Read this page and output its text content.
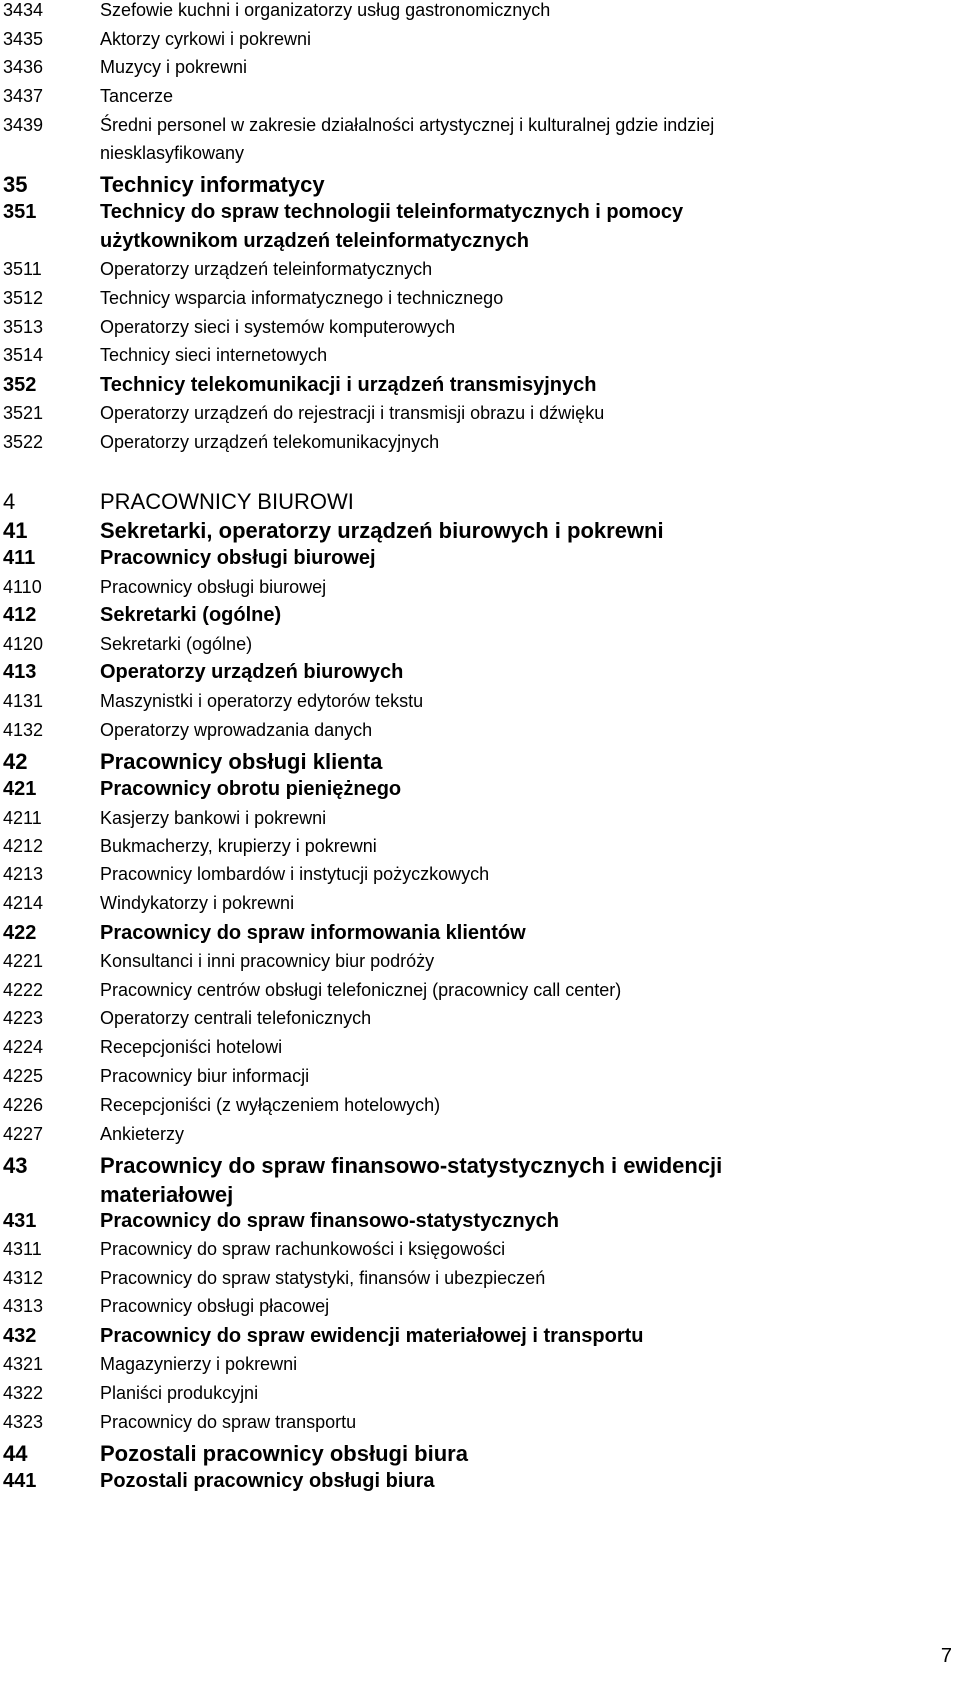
3434	Szefowie kuchni i organizatorzy usług gastronomicznych
3435	Aktorzy cyrkowi i pokrewni
3436	Muzycy i pokrewni
3437	Tancerze
3439	Średni personel w zakresie działalności artystycznej i kulturalnej gdzie indziej
niesklasyfikowany
35	Technicy informatycy
351	Technicy do spraw technologii teleinformatycznych i pomocy
użytkownikom urządzeń teleinformatycznych
3511	Operatorzy urządzeń teleinformatycznych
3512	Technicy wsparcia informatycznego i technicznego
3513	Operatorzy sieci i systemów komputerowych
3514	Technicy sieci internetowych
352	Technicy telekomunikacji i urządzeń transmisyjnych
3521	Operatorzy urządzeń do rejestracji i transmisji obrazu i dźwięku
3522	Operatorzy urządzeń telekomunikacyjnych
4	PRACOWNICY BIUROWI
41	Sekretarki, operatorzy urządzeń biurowych i pokrewni
411	Pracownicy obsługi biurowej
4110	Pracownicy obsługi biurowej
412	Sekretarki (ogólne)
4120	Sekretarki (ogólne)
413	Operatorzy urządzeń biurowych
4131	Maszynistki i operatorzy edytorów tekstu
4132	Operatorzy wprowadzania danych
42	Pracownicy obsługi klienta
421	Pracownicy obrotu pieniężnego
4211	Kasjerzy bankowi i pokrewni
4212	Bukmacherzy, krupierzy i pokrewni
4213	Pracownicy lombardów i instytucji pożyczkowych
4214	Windykatorzy i pokrewni
422	Pracownicy do spraw informowania klientów
4221	Konsultanci i inni pracownicy biur podróży
4222	Pracownicy centrów obsługi telefonicznej (pracownicy call center)
4223	Operatorzy centrali telefonicznych
4224	Recepcjoniści hotelowi
4225	Pracownicy biur informacji
4226	Recepcjoniści (z wyłączeniem hotelowych)
4227	Ankieterzy
43	Pracownicy do spraw finansowo-statystycznych i ewidencji
materiałowej
431	Pracownicy do spraw finansowo-statystycznych
4311	Pracownicy do spraw rachunkowości i księgowości
4312	Pracownicy do spraw statystyki, finansów i ubezpieczeń
4313	Pracownicy obsługi płacowej
432	Pracownicy do spraw ewidencji materiałowej i transportu
4321	Magazynierzy i pokrewni
4322	Planiści produkcyjni
4323	Pracownicy do spraw transportu
44	Pozostali pracownicy obsługi biura
441	Pozostali pracownicy obsługi biura
7
